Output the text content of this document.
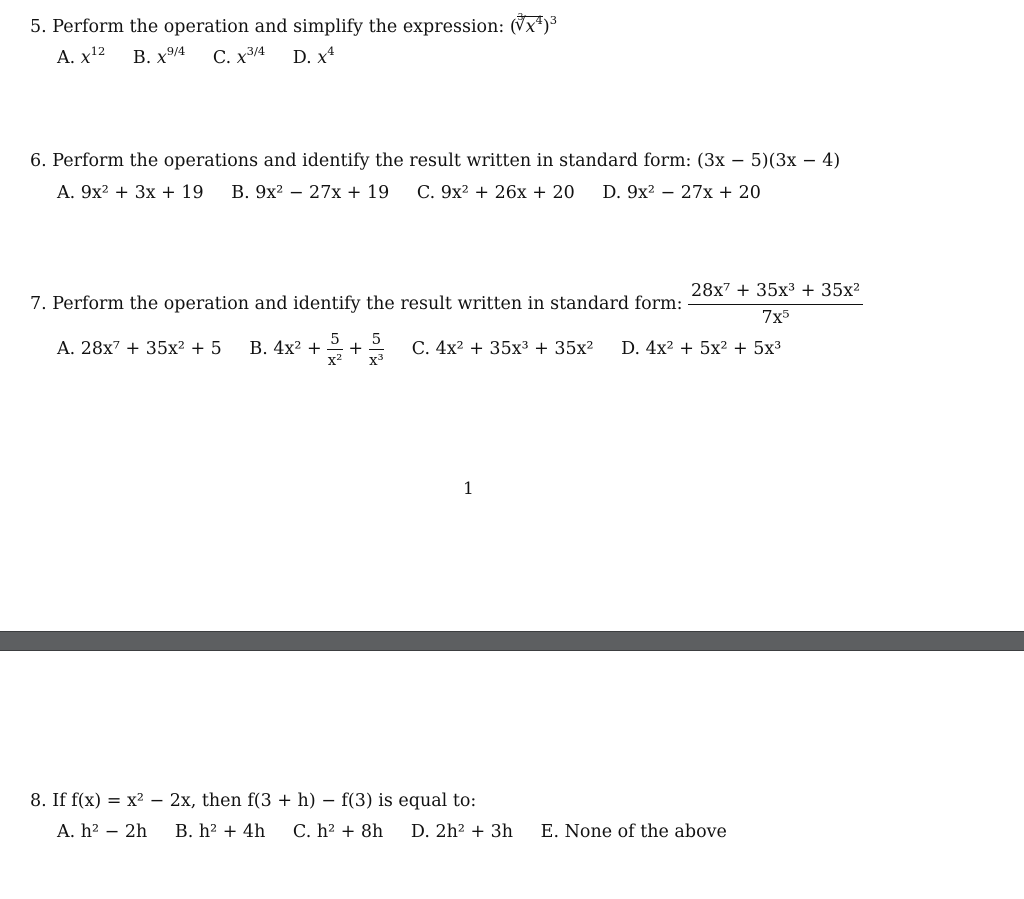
5. Perform the operation and simplify the expression: ( 3
√ $x^4)^3$
A. $x^{12}$ B. $x^{9/4}$ C. $x^{3/4}$ D. $x^4$
6. Perform the operations and identify the result written in standard form: (3x − 5)(3x − 4)
A. 9x² + 3x + 19 B. 9x² − 27x + 19 C. 9x² + 26x + 20 D. 9x² − 27x + 20
7. Perform the operation and identify the result written in standard form: $\frac{\text{28x⁷ + 35x³ + 35x²}}{\text{7x⁵}}$
A. 28x⁷ + 35x² + 5 B. $4x^2 + \frac{5}{\text{x²}} + \frac{5}{\text{x³}} C$. 4x² + 35x³ + 35x² D. 4x² + 5x² + 5x³
1
8. If f(x) = x² − 2x, then f(3 + h) − f(3) is equal to:
A. h² − 2h B. h² + 4h C. h² + 8h D. 2h² + 3h E. None of the above
